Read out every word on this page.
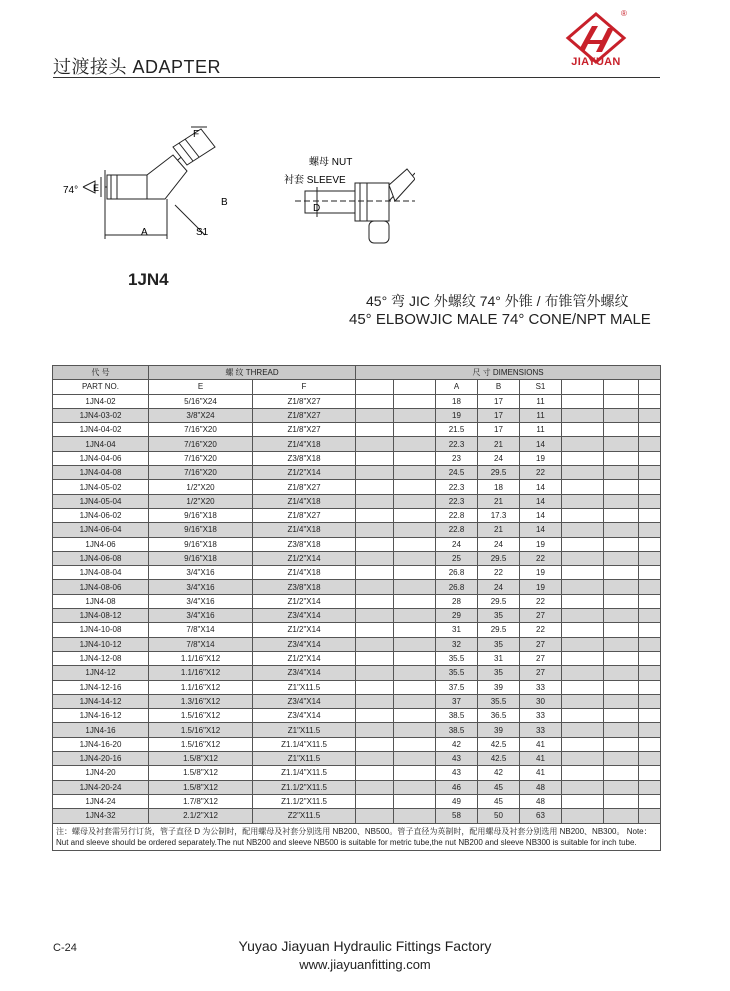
过渡接头 ADAPTER
®
JIAYUAN
74°
F
E
A
B
S1
螺母 NUT
衬套 SLEEVE
D
1JN4
45° 弯 JIC 外螺纹 74° 外锥 / 布锥管外螺纹
45° ELBOWJIC MALE 74° CONE/NPT MALE
代 号	螺 纹 THREAD		尺 寸 DIMENSIONS							
PART NO.	E	F			A	B	S1			
1JN4-02	5/16"X24	Z1/8"X27			18	17	11			
1JN4-03-02	3/8"X24	Z1/8"X27			19	17	11			
1JN4-04-02	7/16"X20	Z1/8"X27			21.5	17	11			
1JN4-04	7/16"X20	Z1/4"X18			22.3	21	14			
1JN4-04-06	7/16"X20	Z3/8"X18			23	24	19			
1JN4-04-08	7/16"X20	Z1/2"X14			24.5	29.5	22			
1JN4-05-02	1/2"X20	Z1/8"X27			22.3	18	14			
1JN4-05-04	1/2"X20	Z1/4"X18			22.3	21	14			
1JN4-06-02	9/16"X18	Z1/8"X27			22.8	17.3	14			
1JN4-06-04	9/16"X18	Z1/4"X18			22.8	21	14			
1JN4-06	9/16"X18	Z3/8"X18			24	24	19			
1JN4-06-08	9/16"X18	Z1/2"X14			25	29.5	22			
1JN4-08-04	3/4"X16	Z1/4"X18			26.8	22	19			
1JN4-08-06	3/4"X16	Z3/8"X18			26.8	24	19			
1JN4-08	3/4"X16	Z1/2"X14			28	29.5	22			
1JN4-08-12	3/4"X16	Z3/4"X14			29	35	27			
1JN4-10-08	7/8"X14	Z1/2"X14			31	29.5	22			
1JN4-10-12	7/8"X14	Z3/4"X14			32	35	27			
1JN4-12-08	1.1/16"X12	Z1/2"X14			35.5	31	27			
1JN4-12	1.1/16"X12	Z3/4"X14			35.5	35	27			
1JN4-12-16	1.1/16"X12	Z1"X11.5			37.5	39	33			
1JN4-14-12	1.3/16"X12	Z3/4"X14			37	35.5	30			
1JN4-16-12	1.5/16"X12	Z3/4"X14			38.5	36.5	33			
1JN4-16	1.5/16"X12	Z1"X11.5			38.5	39	33			
1JN4-16-20	1.5/16"X12	Z1.1/4"X11.5			42	42.5	41			
1JN4-20-16	1.5/8"X12	Z1"X11.5			43	42.5	41			
1JN4-20	1.5/8"X12	Z1.1/4"X11.5			43	42	41			
1JN4-20-24	1.5/8"X12	Z1.1/2"X11.5			46	45	48			
1JN4-24	1.7/8"X12	Z1.1/2"X11.5			49	45	48			
1JN4-32	2.1/2"X12	Z2"X11.5			58	50	63			
注：螺母及衬套需另行订货，管子直径 D 为公制时，配用螺母及衬套分别选用 NB200、NB500。管子直径为英制时，配用螺母及衬套分别选用 NB200、NB300。 Note： Nut and sleeve should be ordered separately.The nut NB200 and sleeve NB500 is suitable for metric tube,the nut NB200 and sleeve NB300 is suitable for inch tube.										
C-24	Yuyao Jiayuan Hydraulic Fittings Factory
www.jiayuanfitting.com
